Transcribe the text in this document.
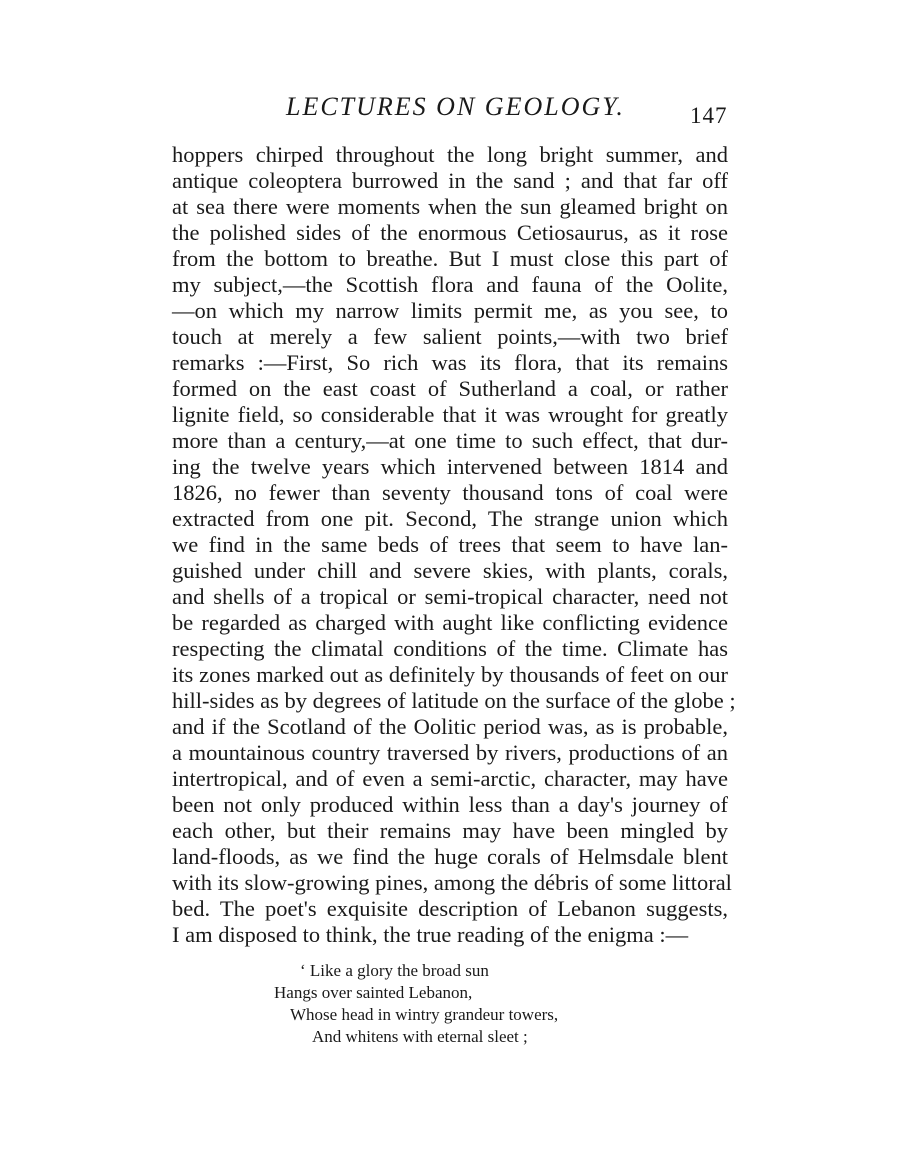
LECTURES ON GEOLOGY.	147
hoppers chirped throughout the long bright summer, and
antique coleoptera burrowed in the sand ; and that far off
at sea there were moments when the sun gleamed bright on
the polished sides of the enormous Cetiosaurus, as it rose
from the bottom to breathe. But I must close this part of
my subject,—the Scottish flora and fauna of the Oolite,
—on which my narrow limits permit me, as you see, to
touch at merely a few salient points,—with two brief
remarks :—First, So rich was its flora, that its remains
formed on the east coast of Sutherland a coal, or rather
lignite field, so considerable that it was wrought for greatly
more than a century,—at one time to such effect, that dur-
ing the twelve years which intervened between 1814 and
1826, no fewer than seventy thousand tons of coal were
extracted from one pit. Second, The strange union which
we find in the same beds of trees that seem to have lan-
guished under chill and severe skies, with plants, corals,
and shells of a tropical or semi-tropical character, need not
be regarded as charged with aught like conflicting evidence
respecting the climatal conditions of the time. Climate has
its zones marked out as definitely by thousands of feet on our
hill-sides as by degrees of latitude on the surface of the globe ;
and if the Scotland of the Oolitic period was, as is probable,
a mountainous country traversed by rivers, productions of an
intertropical, and of even a semi-arctic, character, may have
been not only produced within less than a day's journey of
each other, but their remains may have been mingled by
land-floods, as we find the huge corals of Helmsdale blent
with its slow-growing pines, among the débris of some littoral
bed. The poet's exquisite description of Lebanon suggests,
I am disposed to think, the true reading of the enigma :—
‘ Like a glory the broad sun
Hangs over sainted Lebanon,
Whose head in wintry grandeur towers,
And whitens with eternal sleet ;
